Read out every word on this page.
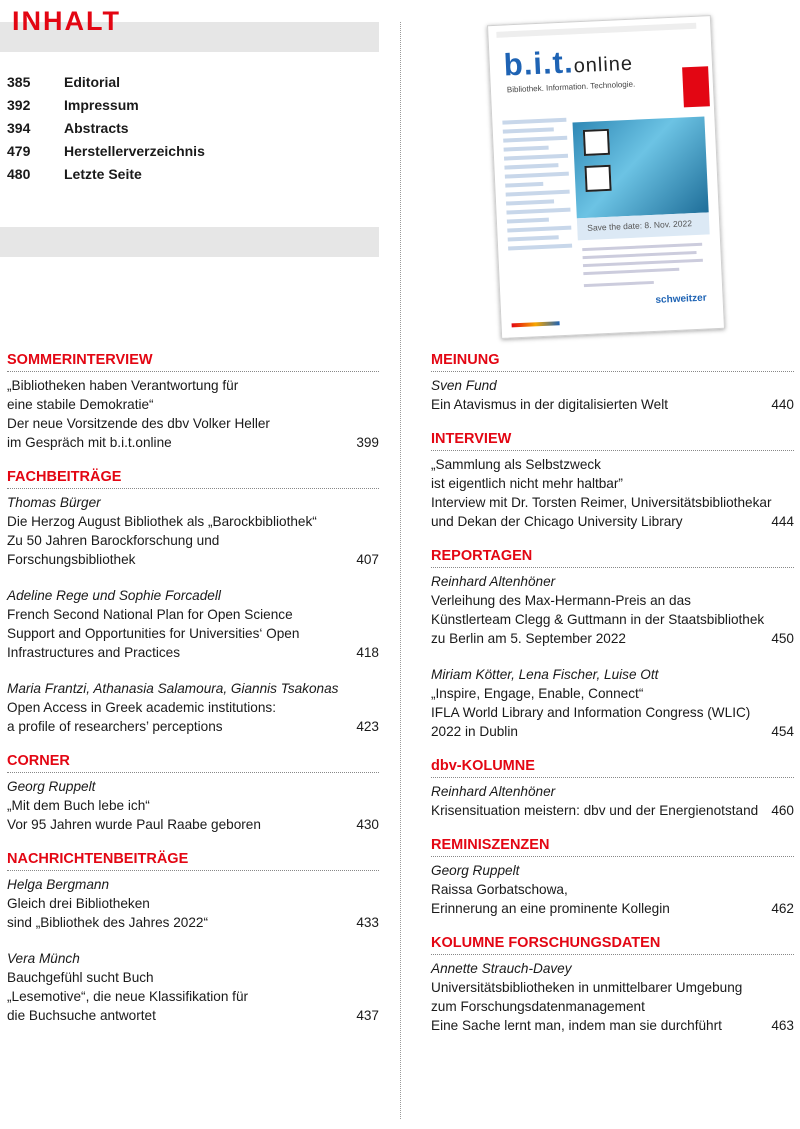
INHALT
385 Editorial
392 Impressum
394 Abstracts
479 Herstellerverzeichnis
480 Letzte Seite
b.i.t.online
Bibliothek. Information. Technologie.
Save the date: 8. Nov. 2022
schweitzer
SOMMERINTERVIEW
„Bibliotheken haben Verantwortung für
eine stabile Demokratie“
Der neue Vorsitzende des dbv Volker Heller
im Gespräch mit b.i.t.online	399
FACHBEITRÄGE
Thomas Bürger
Die Herzog August Bibliothek als „Barockbibliothek“
Zu 50 Jahren Barockforschung und
Forschungsbibliothek	407
Adeline Rege und Sophie Forcadell
French Second National Plan for Open Science
Support and Opportunities for Universities‘ Open
Infrastructures and Practices	418
Maria Frantzi, Athanasia Salamoura, Giannis Tsakonas
Open Access in Greek academic institutions:
a profile of researchers’ perceptions	423
CORNER
Georg Ruppelt
„Mit dem Buch lebe ich“
Vor 95 Jahren wurde Paul Raabe geboren	430
NACHRICHTENBEITRÄGE
Helga Bergmann
Gleich drei Bibliotheken
sind „Bibliothek des Jahres 2022“	433
Vera Münch
Bauchgefühl sucht Buch
„Lesemotive“, die neue Klassifikation für
die Buchsuche antwortet	437
MEINUNG
Sven Fund
Ein Atavismus in der digitalisierten Welt	440
INTERVIEW
„Sammlung als Selbstzweck
ist eigentlich nicht mehr haltbar”
Interview mit Dr. Torsten Reimer, Universitätsbibliothekar
und Dekan der Chicago University Library	444
REPORTAGEN
Reinhard Altenhöner
Verleihung des Max-Hermann-Preis an das
Künstlerteam Clegg & Guttmann in der Staatsbibliothek
zu Berlin am 5. September 2022	450
Miriam Kötter, Lena Fischer, Luise Ott
„Inspire, Engage, Enable, Connect“
IFLA World Library and Information Congress (WLIC)
2022 in Dublin	454
dbv-KOLUMNE
Reinhard Altenhöner
Krisensituation meistern: dbv und der Energienotstand 460
REMINISZENZEN
Georg Ruppelt
Raissa Gorbatschowa,
Erinnerung an eine prominente Kollegin	462
KOLUMNE FORSCHUNGSDATEN
Annette Strauch-Davey
Universitätsbibliotheken in unmittelbarer Umgebung
zum Forschungsdatenmanagement
Eine Sache lernt man, indem man sie durchführt	463
